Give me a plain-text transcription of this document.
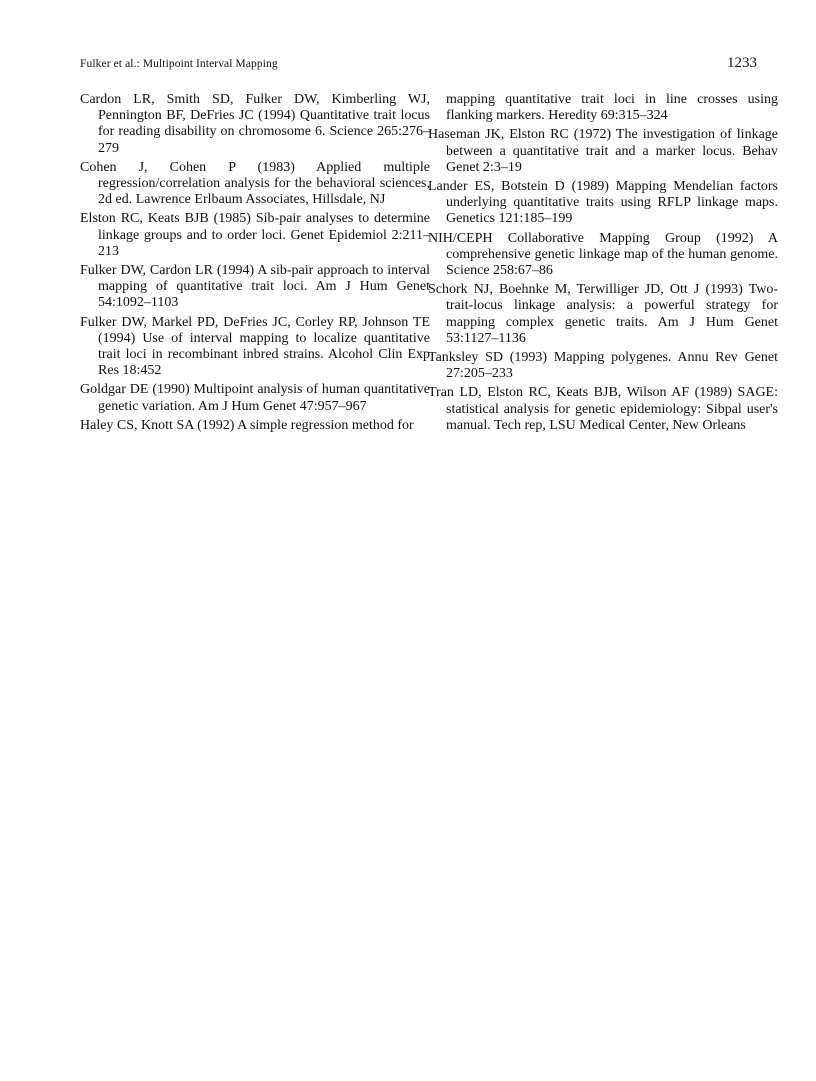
Fulker et al.: Multipoint Interval Mapping	1233

Cardon LR, Smith SD, Fulker DW, Kimberling WJ, Pennington BF, DeFries JC (1994) Quantitative trait locus for reading disability on chromosome 6. Science 265:276–279

Cohen J, Cohen P (1983) Applied multiple regression/correlation analysis for the behavioral sciences, 2d ed. Lawrence Erlbaum Associates, Hillsdale, NJ

Elston RC, Keats BJB (1985) Sib-pair analyses to determine linkage groups and to order loci. Genet Epidemiol 2:211–213

Fulker DW, Cardon LR (1994) A sib-pair approach to interval mapping of quantitative trait loci. Am J Hum Genet 54:1092–1103

Fulker DW, Markel PD, DeFries JC, Corley RP, Johnson TE (1994) Use of interval mapping to localize quantitative trait loci in recombinant inbred strains. Alcohol Clin Exp Res 18:452

Goldgar DE (1990) Multipoint analysis of human quantitative genetic variation. Am J Hum Genet 47:957–967

Haley CS, Knott SA (1992) A simple regression method for

mapping quantitative trait loci in line crosses using flanking markers. Heredity 69:315–324

Haseman JK, Elston RC (1972) The investigation of linkage between a quantitative trait and a marker locus. Behav Genet 2:3–19

Lander ES, Botstein D (1989) Mapping Mendelian factors underlying quantitative traits using RFLP linkage maps. Genetics 121:185–199

NIH/CEPH Collaborative Mapping Group (1992) A comprehensive genetic linkage map of the human genome. Science 258:67–86

Schork NJ, Boehnke M, Terwilliger JD, Ott J (1993) Two-trait-locus linkage analysis: a powerful strategy for mapping complex genetic traits. Am J Hum Genet 53:1127–1136

Tanksley SD (1993) Mapping polygenes. Annu Rev Genet 27:205–233

Tran LD, Elston RC, Keats BJB, Wilson AF (1989) SAGE: statistical analysis for genetic epidemiology: Sibpal user's manual. Tech rep, LSU Medical Center, New Orleans
